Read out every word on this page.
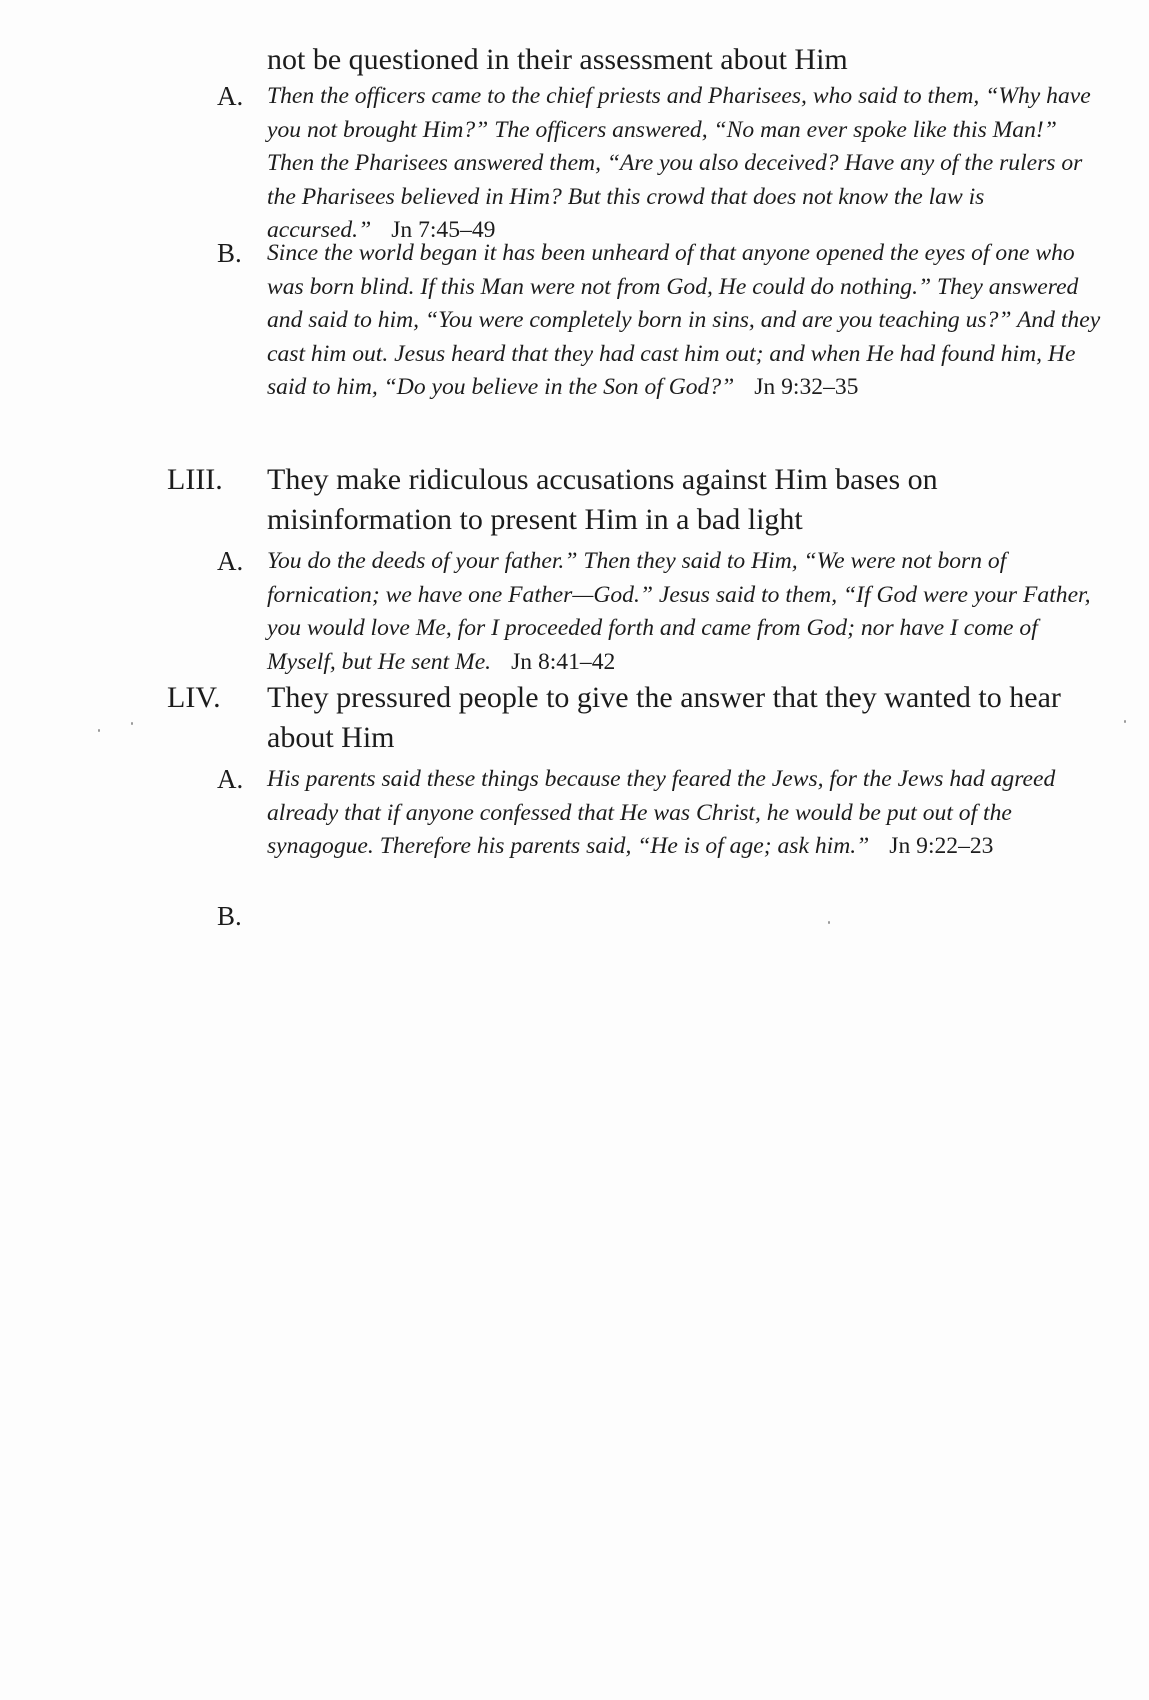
not be questioned in their assessment about Him
A. Then the officers came to the chief priests and Pharisees, who said to them, “Why have you not brought Him?” The officers answered, “No man ever spoke like this Man!” Then the Pharisees answered them, “Are you also deceived? Have any of the rulers or the Pharisees believed in Him? But this crowd that does not know the law is accursed.” Jn 7:45–49
B. Since the world began it has been unheard of that anyone opened the eyes of one who was born blind. If this Man were not from God, He could do nothing.” They answered and said to him, “You were completely born in sins, and are you teaching us?” And they cast him out. Jesus heard that they had cast him out; and when He had found him, He said to him, “Do you believe in the Son of God?” Jn 9:32–35
LIII. They make ridiculous accusations against Him bases on misinformation to present Him in a bad light
A. You do the deeds of your father.” Then they said to Him, “We were not born of fornication; we have one Father—God.” Jesus said to them, “If God were your Father, you would love Me, for I proceeded forth and came from God; nor have I come of Myself, but He sent Me. Jn 8:41–42
LIV. They pressured people to give the answer that they wanted to hear about Him
A. His parents said these things because they feared the Jews, for the Jews had agreed already that if anyone confessed that He was Christ, he would be put out of the synagogue. Therefore his parents said, “He is of age; ask him.” Jn 9:22–23
B.
